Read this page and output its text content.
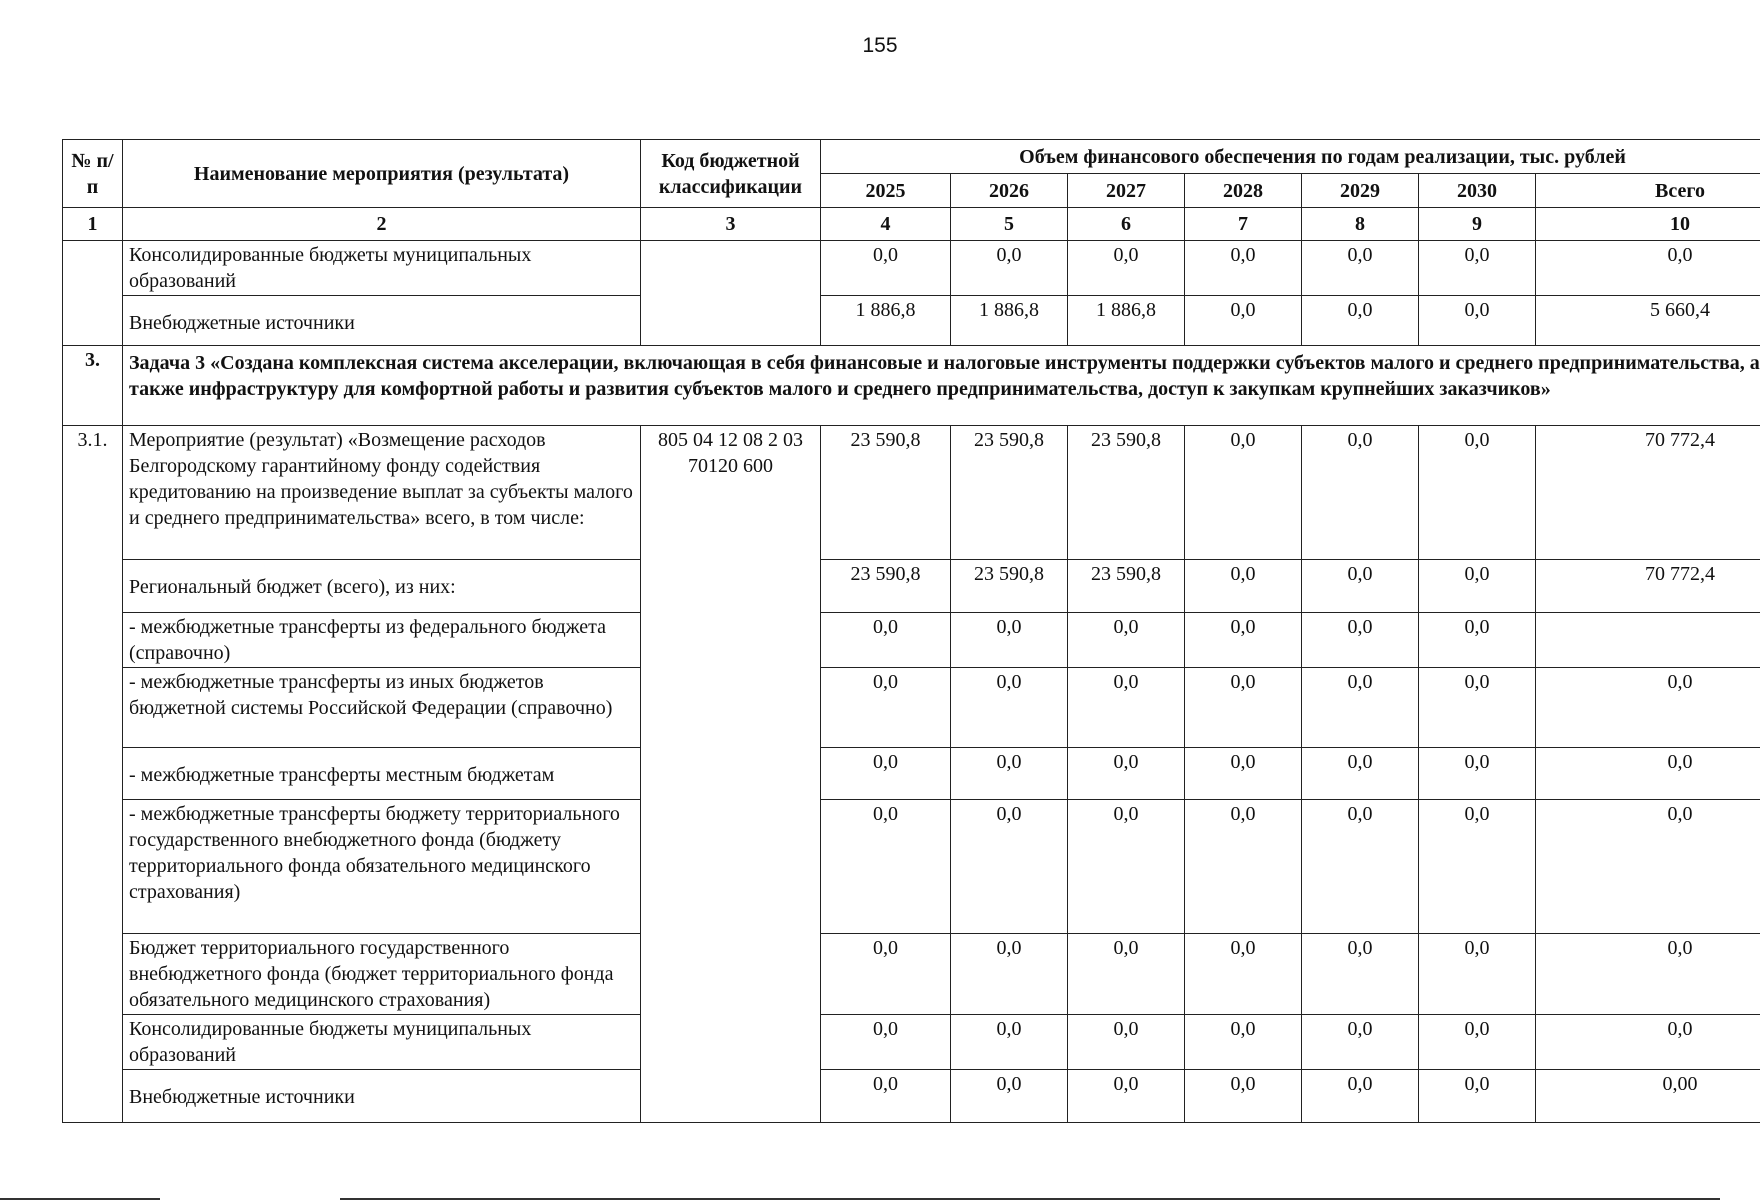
155
№ п/п	Наименование мероприятия (результата)	Код бюджетной классификации	Объем финансового обеспечения по годам реализации, тыс. рублей						
			2025	2026	2027	2028	2029	2030	Всего
1	2	3	4	5	6	7	8	9	10
	Консолидированные бюджеты муниципальных образований		0,0	0,0	0,0	0,0	0,0	0,0	0,0
	Внебюджетные источники		1 886,8	1 886,8	1 886,8	0,0	0,0	0,0	5 660,4
3.	Задача 3 «Создана комплексная система акселерации, включающая в себя финансовые и налоговые инструменты поддержки субъектов малого и среднего предпринимательства, а также инфраструктуру для комфортной работы и развития субъектов малого и среднего предпринимательства, доступ к закупкам крупнейших заказчиков»								
3.1.	Мероприятие (результат) «Возмещение расходов Белгородскому гарантийному фонду содействия кредитованию на произведение выплат за субъекты малого и среднего предпринимательства» всего, в том числе:	805 04 12 08 2 03 70120 600	23 590,8	23 590,8	23 590,8	0,0	0,0	0,0	70 772,4
	Региональный бюджет (всего), из них:		23 590,8	23 590,8	23 590,8	0,0	0,0	0,0	70 772,4
	- межбюджетные трансферты из федерального бюджета (справочно)		0,0	0,0	0,0	0,0	0,0	0,0	
	- межбюджетные трансферты из иных бюджетов бюджетной системы Российской Федерации (справочно)		0,0	0,0	0,0	0,0	0,0	0,0	0,0
	- межбюджетные трансферты местным бюджетам		0,0	0,0	0,0	0,0	0,0	0,0	0,0
	- межбюджетные трансферты бюджету территориального государственного внебюджетного фонда (бюджету территориального фонда обязательного медицинского страхования)		0,0	0,0	0,0	0,0	0,0	0,0	0,0
	Бюджет территориального государственного внебюджетного фонда (бюджет территориального фонда обязательного медицинского страхования)		0,0	0,0	0,0	0,0	0,0	0,0	0,0
	Консолидированные бюджеты муниципальных образований		0,0	0,0	0,0	0,0	0,0	0,0	0,0
	Внебюджетные источники		0,0	0,0	0,0	0,0	0,0	0,0	0,00
